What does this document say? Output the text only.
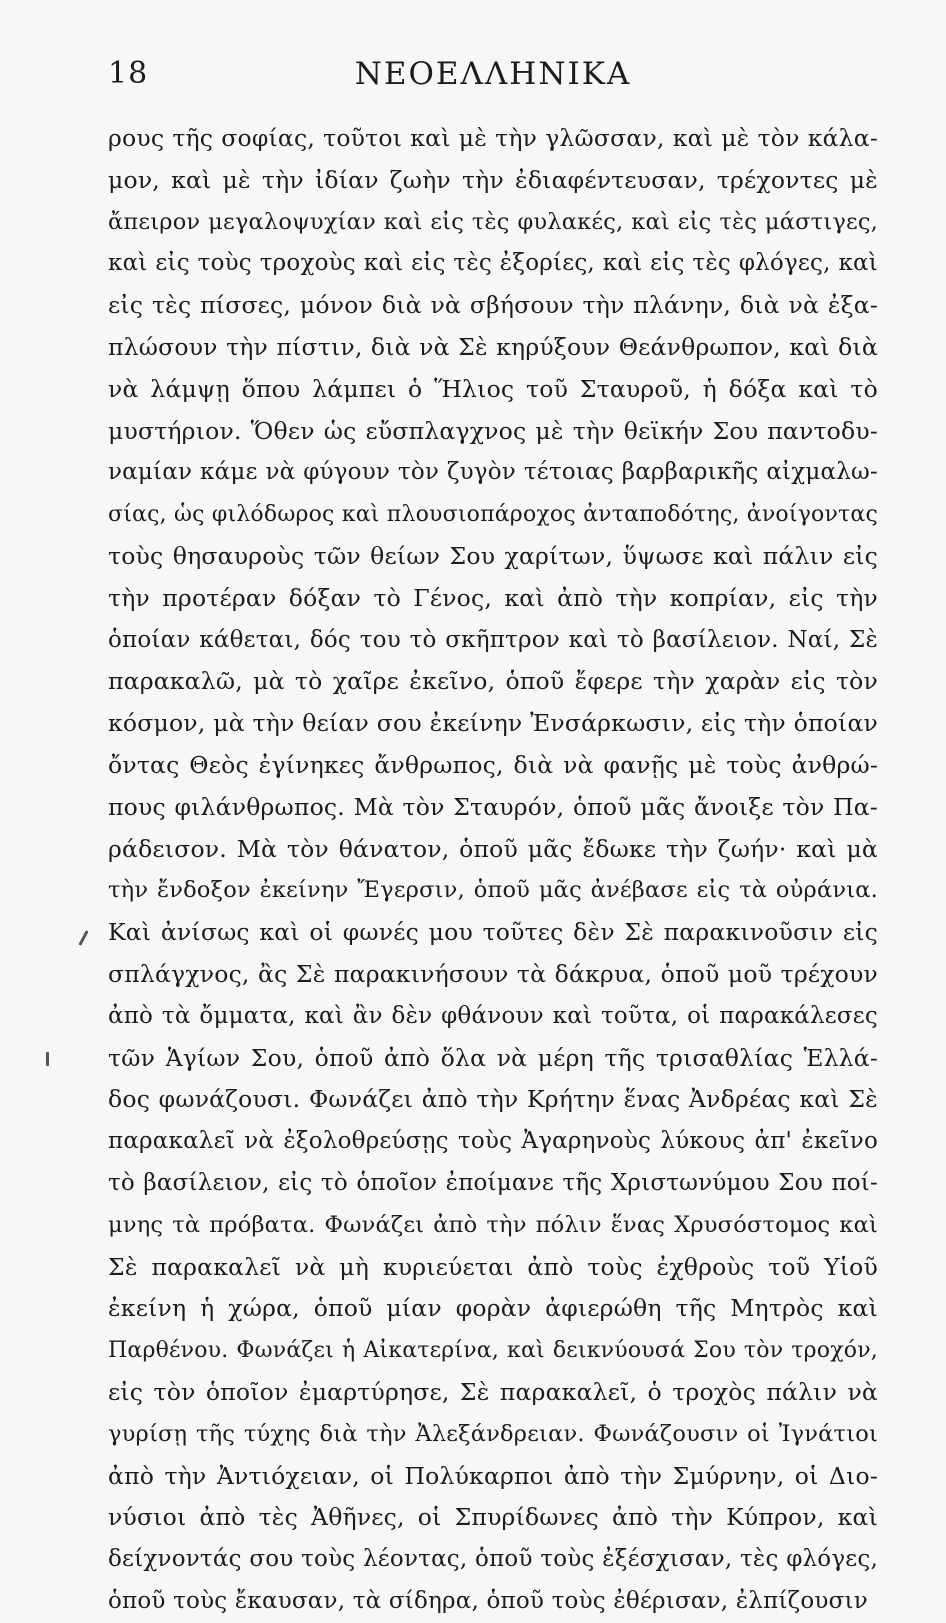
18	ΝΕΟΕΛΛΗΝΙΚΑ
ρους τῆς σοφίας, τοῦτοι καὶ μὲ τὴν γλῶσσαν, καὶ μὲ τὸν κάλα-
μον, καὶ μὲ τὴν ἰδίαν ζωὴν τὴν ἐδιαφέντευσαν, τρέχοντες μὲ
ἄπειρον μεγαλοψυχίαν καὶ εἰς τὲς φυλακές, καὶ εἰς τὲς μάστιγες,
καὶ εἰς τοὺς τροχοὺς καὶ εἰς τὲς ἐξορίες, καὶ εἰς τὲς φλόγες, καὶ
εἰς τὲς πίσσες, μόνον διὰ νὰ σβήσουν τὴν πλάνην, διὰ νὰ ἐξα-
πλώσουν τὴν πίστιν, διὰ νὰ Σὲ κηρύξουν Θεάνθρωπον, καὶ διὰ
νὰ λάμψῃ ὅπου λάμπει ὁ Ἥλιος τοῦ Σταυροῦ, ἡ δόξα καὶ τὸ
μυστήριον. Ὅθεν ὡς εὔσπλαγχνος μὲ τὴν θεϊκήν Σου παντοδυ-
ναμίαν κάμε νὰ φύγουν τὸν ζυγὸν τέτοιας βαρβαρικῆς αἰχμαλω-
σίας, ὡς φιλόδωρος καὶ πλουσιοπάροχος ἀνταποδότης, ἀνοίγοντας
τοὺς θησαυροὺς τῶν θείων Σου χαρίτων, ὕψωσε καὶ πάλιν εἰς
τὴν προτέραν δόξαν τὸ Γένος, καὶ ἀπὸ τὴν κοπρίαν, εἰς τὴν
ὁποίαν κάθεται, δός του τὸ σκῆπτρον καὶ τὸ βασίλειον. Ναί, Σὲ
παρακαλῶ, μὰ τὸ χαῖρε ἐκεῖνο, ὁποῦ ἔφερε τὴν χαρὰν εἰς τὸν
κόσμον, μὰ τὴν θείαν σου ἐκείνην Ἐνσάρκωσιν, εἰς τὴν ὁποίαν
ὄντας Θεὸς ἐγίνηκες ἄνθρωπος, διὰ νὰ φανῇς μὲ τοὺς ἀνθρώ-
πους φιλάνθρωπος. Μὰ τὸν Σταυρόν, ὁποῦ μᾶς ἄνοιξε τὸν Πα-
ράδεισον. Μὰ τὸν θάνατον, ὁποῦ μᾶς ἔδωκε τὴν ζωήν· καὶ μὰ
τὴν ἔνδοξον ἐκείνην Ἔγερσιν, ὁποῦ μᾶς ἀνέβασε εἰς τὰ οὐράνια.
Καὶ ἀνίσως καὶ οἱ φωνές μου τοῦτες δὲν Σὲ παρακινοῦσιν εἰς
σπλάγχνος, ἂς Σὲ παρακινήσουν τὰ δάκρυα, ὁποῦ μοῦ τρέχουν
ἀπὸ τὰ ὄμματα, καὶ ἂν δὲν φθάνουν καὶ τοῦτα, οἱ παρακάλεσες
τῶν Ἁγίων Σου, ὁποῦ ἀπὸ ὅλα νὰ μέρη τῆς τρισαθλίας Ἑλλά-
δος φωνάζουσι. Φωνάζει ἀπὸ τὴν Κρήτην ἕνας Ἀνδρέας καὶ Σὲ
παρακαλεῖ νὰ ἐξολοθρεύσῃς τοὺς Ἀγαρηνοὺς λύκους ἀπ' ἐκεῖνο
τὸ βασίλειον, εἰς τὸ ὁποῖον ἐποίμανε τῆς Χριστωνύμου Σου ποί-
μνης τὰ πρόβατα. Φωνάζει ἀπὸ τὴν πόλιν ἕνας Χρυσόστομος καὶ
Σὲ παρακαλεῖ νὰ μὴ κυριεύεται ἀπὸ τοὺς ἐχθροὺς τοῦ Υἱοῦ
ἐκείνη ἡ χώρα, ὁποῦ μίαν φορὰν ἀφιερώθη τῆς Μητρὸς καὶ
Παρθένου. Φωνάζει ἡ Αἰκατερίνα, καὶ δεικνύουσά Σου τὸν τροχόν,
εἰς τὸν ὁποῖον ἐμαρτύρησε, Σὲ παρακαλεῖ, ὁ τροχὸς πάλιν νὰ
γυρίσῃ τῆς τύχης διὰ τὴν Ἀλεξάνδρειαν. Φωνάζουσιν οἱ Ἰγνάτιοι
ἀπὸ τὴν Ἀντιόχειαν, οἱ Πολύκαρποι ἀπὸ τὴν Σμύρνην, οἱ Διο-
νύσιοι ἀπὸ τὲς Ἀθῆνες, οἱ Σπυρίδωνες ἀπὸ τὴν Κύπρον, καὶ
δείχνοντάς σου τοὺς λέοντας, ὁποῦ τοὺς ἐξέσχισαν, τὲς φλόγες,
ὁποῦ τοὺς ἔκαυσαν, τὰ σίδηρα, ὁποῦ τοὺς ἐθέρισαν, ἐλπίζουσιν
